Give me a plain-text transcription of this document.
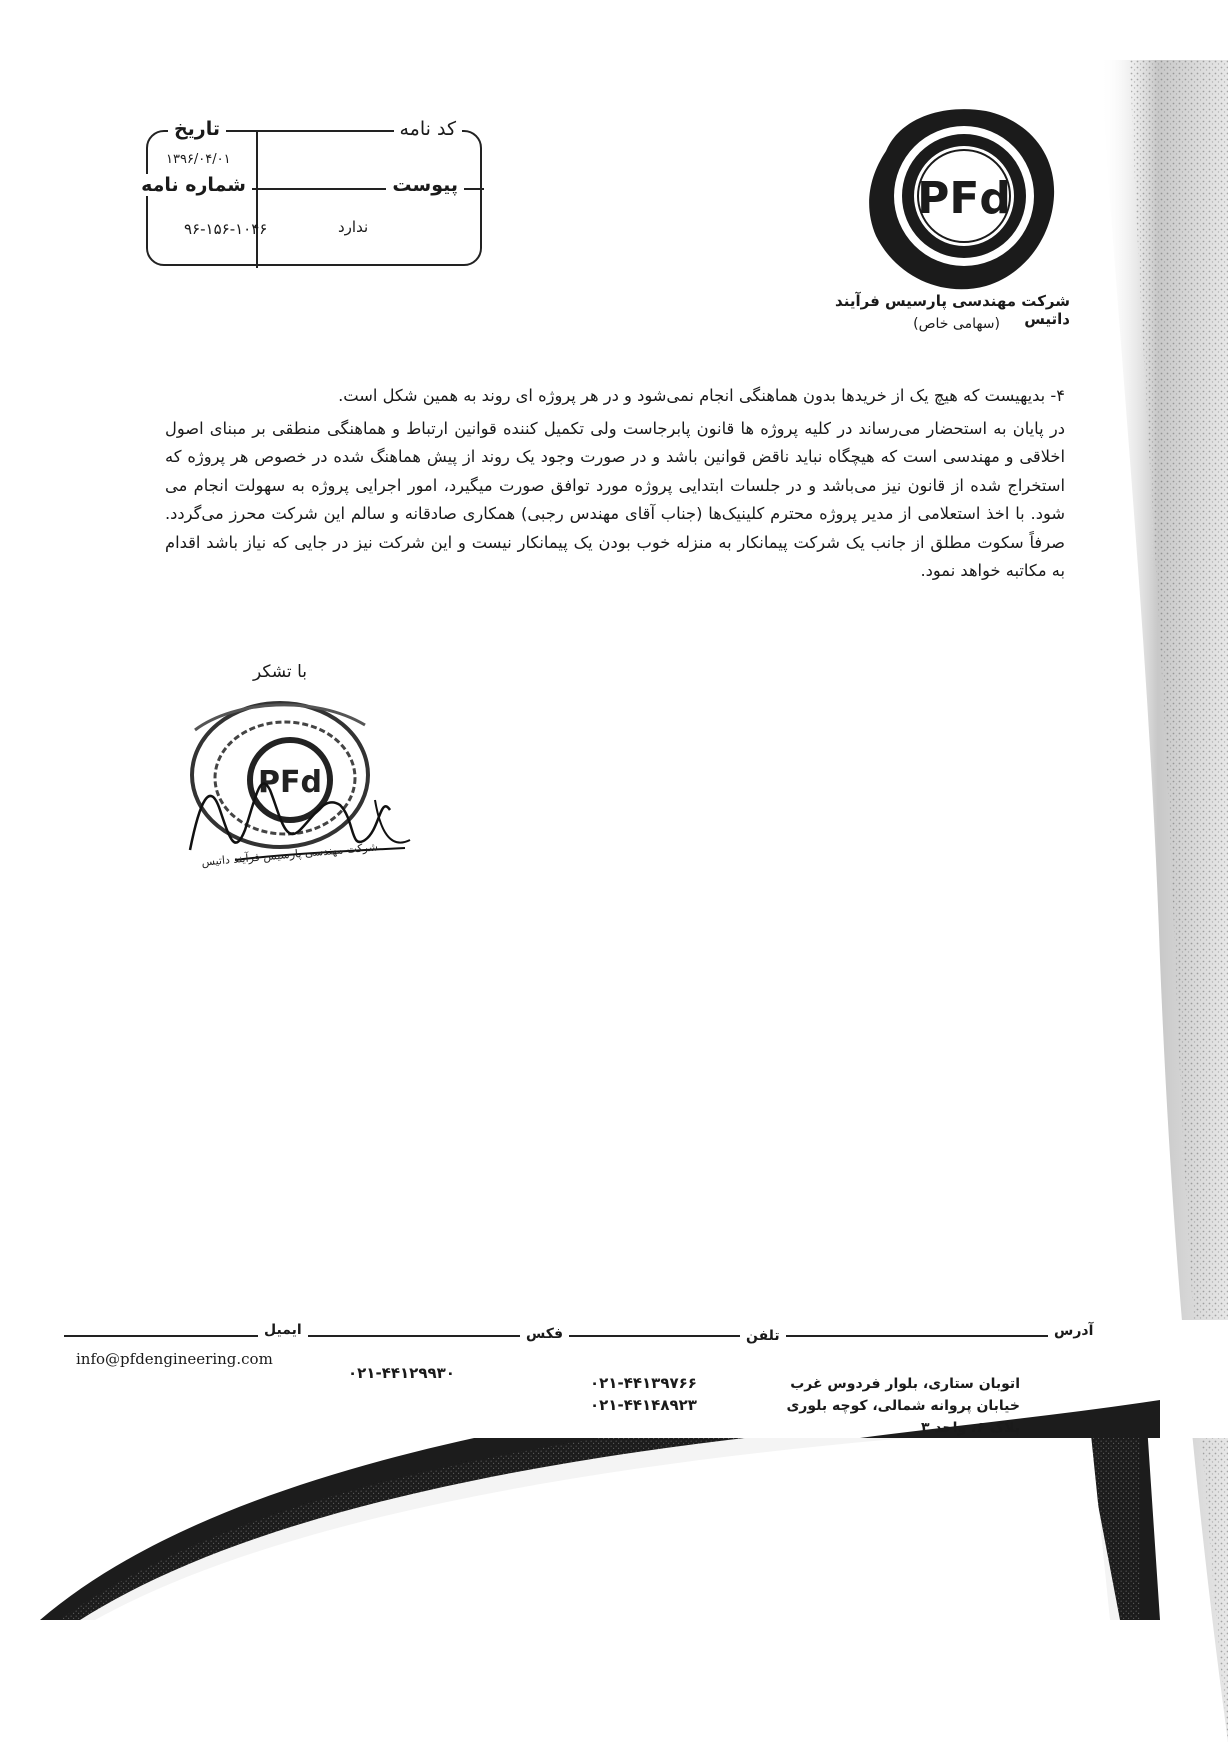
PFd
شرکت مهندسی پارسیس فرآیند داتیس
(سهامی خاص)
تاریخ
۱۳۹۶/۰۴/۰۱
کد نامه
شماره نامه
۹۶-۱۵۶-۱۰۴۶
پیوست
ندارد

۴- بدیهیست که هیچ یک از خریدها بدون هماهنگی انجام نمی‌شود و در هر پروژه ای روند به همین شکل است.

در پایان به استحضار می‌رساند در کلیه پروژه ها قانون پابرجاست ولی تکمیل کننده قوانین ارتباط و هماهنگی منطقی بر مبنای اصول اخلاقی و مهندسی است که هیچگاه نباید ناقض قوانین باشد و در صورت وجود یک روند از پیش هماهنگ شده در خصوص هر پروژه که استخراج شده از قانون نیز می‌باشد و در جلسات ابتدایی پروژه مورد توافق صورت میگیرد، امور اجرایی پروژه به سهولت انجام می شود. با اخذ استعلامی از مدیر پروژه محترم کلینیک‌ها (جناب آقای مهندس رجبی) همکاری صادقانه و سالم این شرکت محرز می‌گردد. صرفاً سکوت مطلق از جانب یک شرکت پیمانکار به منزله خوب بودن یک پیمانکار نیست و این شرکت نیز در جایی که نیاز باشد اقدام به مکاتبه خواهد نمود.

با تشکر
PFd
شرکت مهندسی پارسیس فرآیند داتیس
آدرس
تلفن
فکس
ایمیل
info@pfdengineering.com
۰۲۱-۴۴۱۲۹۹۳۰
۰۲۱-۴۴۱۳۹۷۶۶
۰۲۱-۴۴۱۴۸۹۲۳
اتوبان ستاری، بلوار فردوس غرب
خیابان پروانه شمالی، کوچه بلوری
پلاک ۶، واحد ۳
